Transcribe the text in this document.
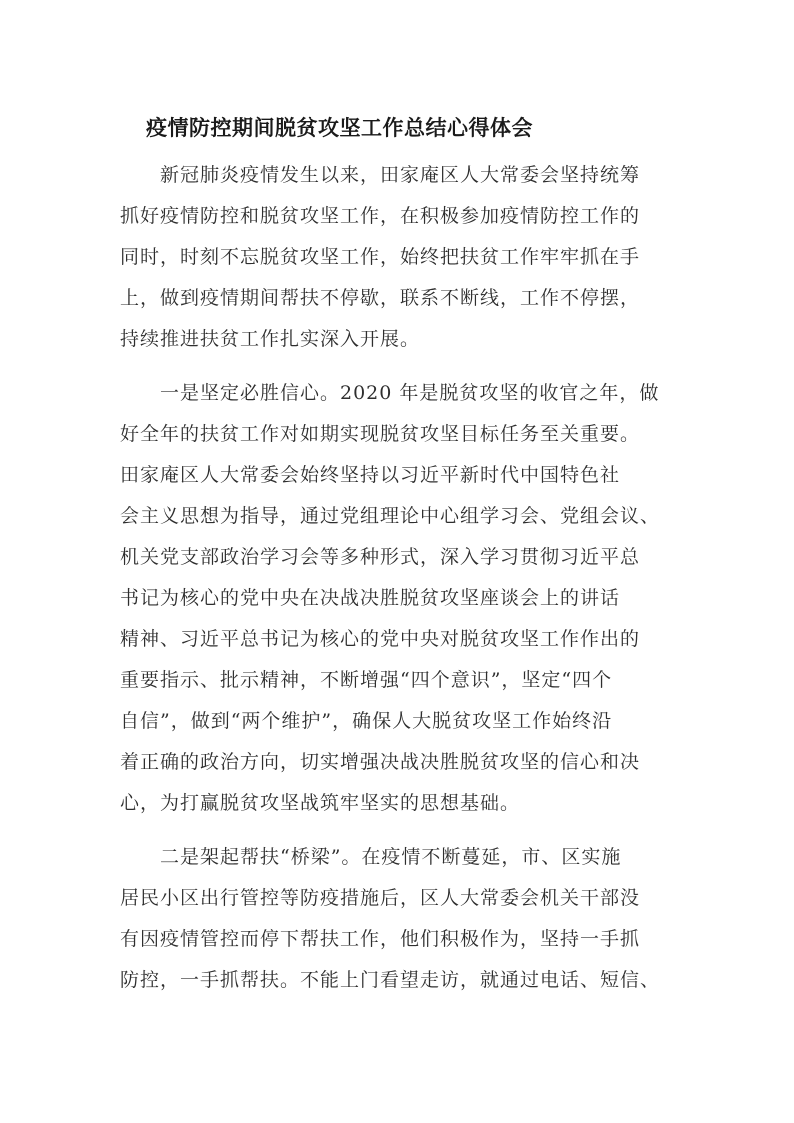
疫情防控期间脱贫攻坚工作总结心得体会
新冠肺炎疫情发生以来，田家庵区人大常委会坚持统筹
抓好疫情防控和脱贫攻坚工作，在积极参加疫情防控工作的
同时，时刻不忘脱贫攻坚工作，始终把扶贫工作牢牢抓在手
上，做到疫情期间帮扶不停歇，联系不断线，工作不停摆，
持续推进扶贫工作扎实深入开展。
一是坚定必胜信心。2020 年是脱贫攻坚的收官之年，做
好全年的扶贫工作对如期实现脱贫攻坚目标任务至关重要。
田家庵区人大常委会始终坚持以习近平新时代中国特色社
会主义思想为指导，通过党组理论中心组学习会、党组会议、
机关党支部政治学习会等多种形式，深入学习贯彻习近平总
书记为核心的党中央在决战决胜脱贫攻坚座谈会上的讲话
精神、习近平总书记为核心的党中央对脱贫攻坚工作作出的
重要指示、批示精神，不断增强“四个意识”，坚定“四个
自信”，做到“两个维护”，确保人大脱贫攻坚工作始终沿
着正确的政治方向，切实增强决战决胜脱贫攻坚的信心和决
心，为打赢脱贫攻坚战筑牢坚实的思想基础。
二是架起帮扶“桥梁”。在疫情不断蔓延，市、区实施
居民小区出行管控等防疫措施后，区人大常委会机关干部没
有因疫情管控而停下帮扶工作，他们积极作为，坚持一手抓
防控，一手抓帮扶。不能上门看望走访，就通过电话、短信、
